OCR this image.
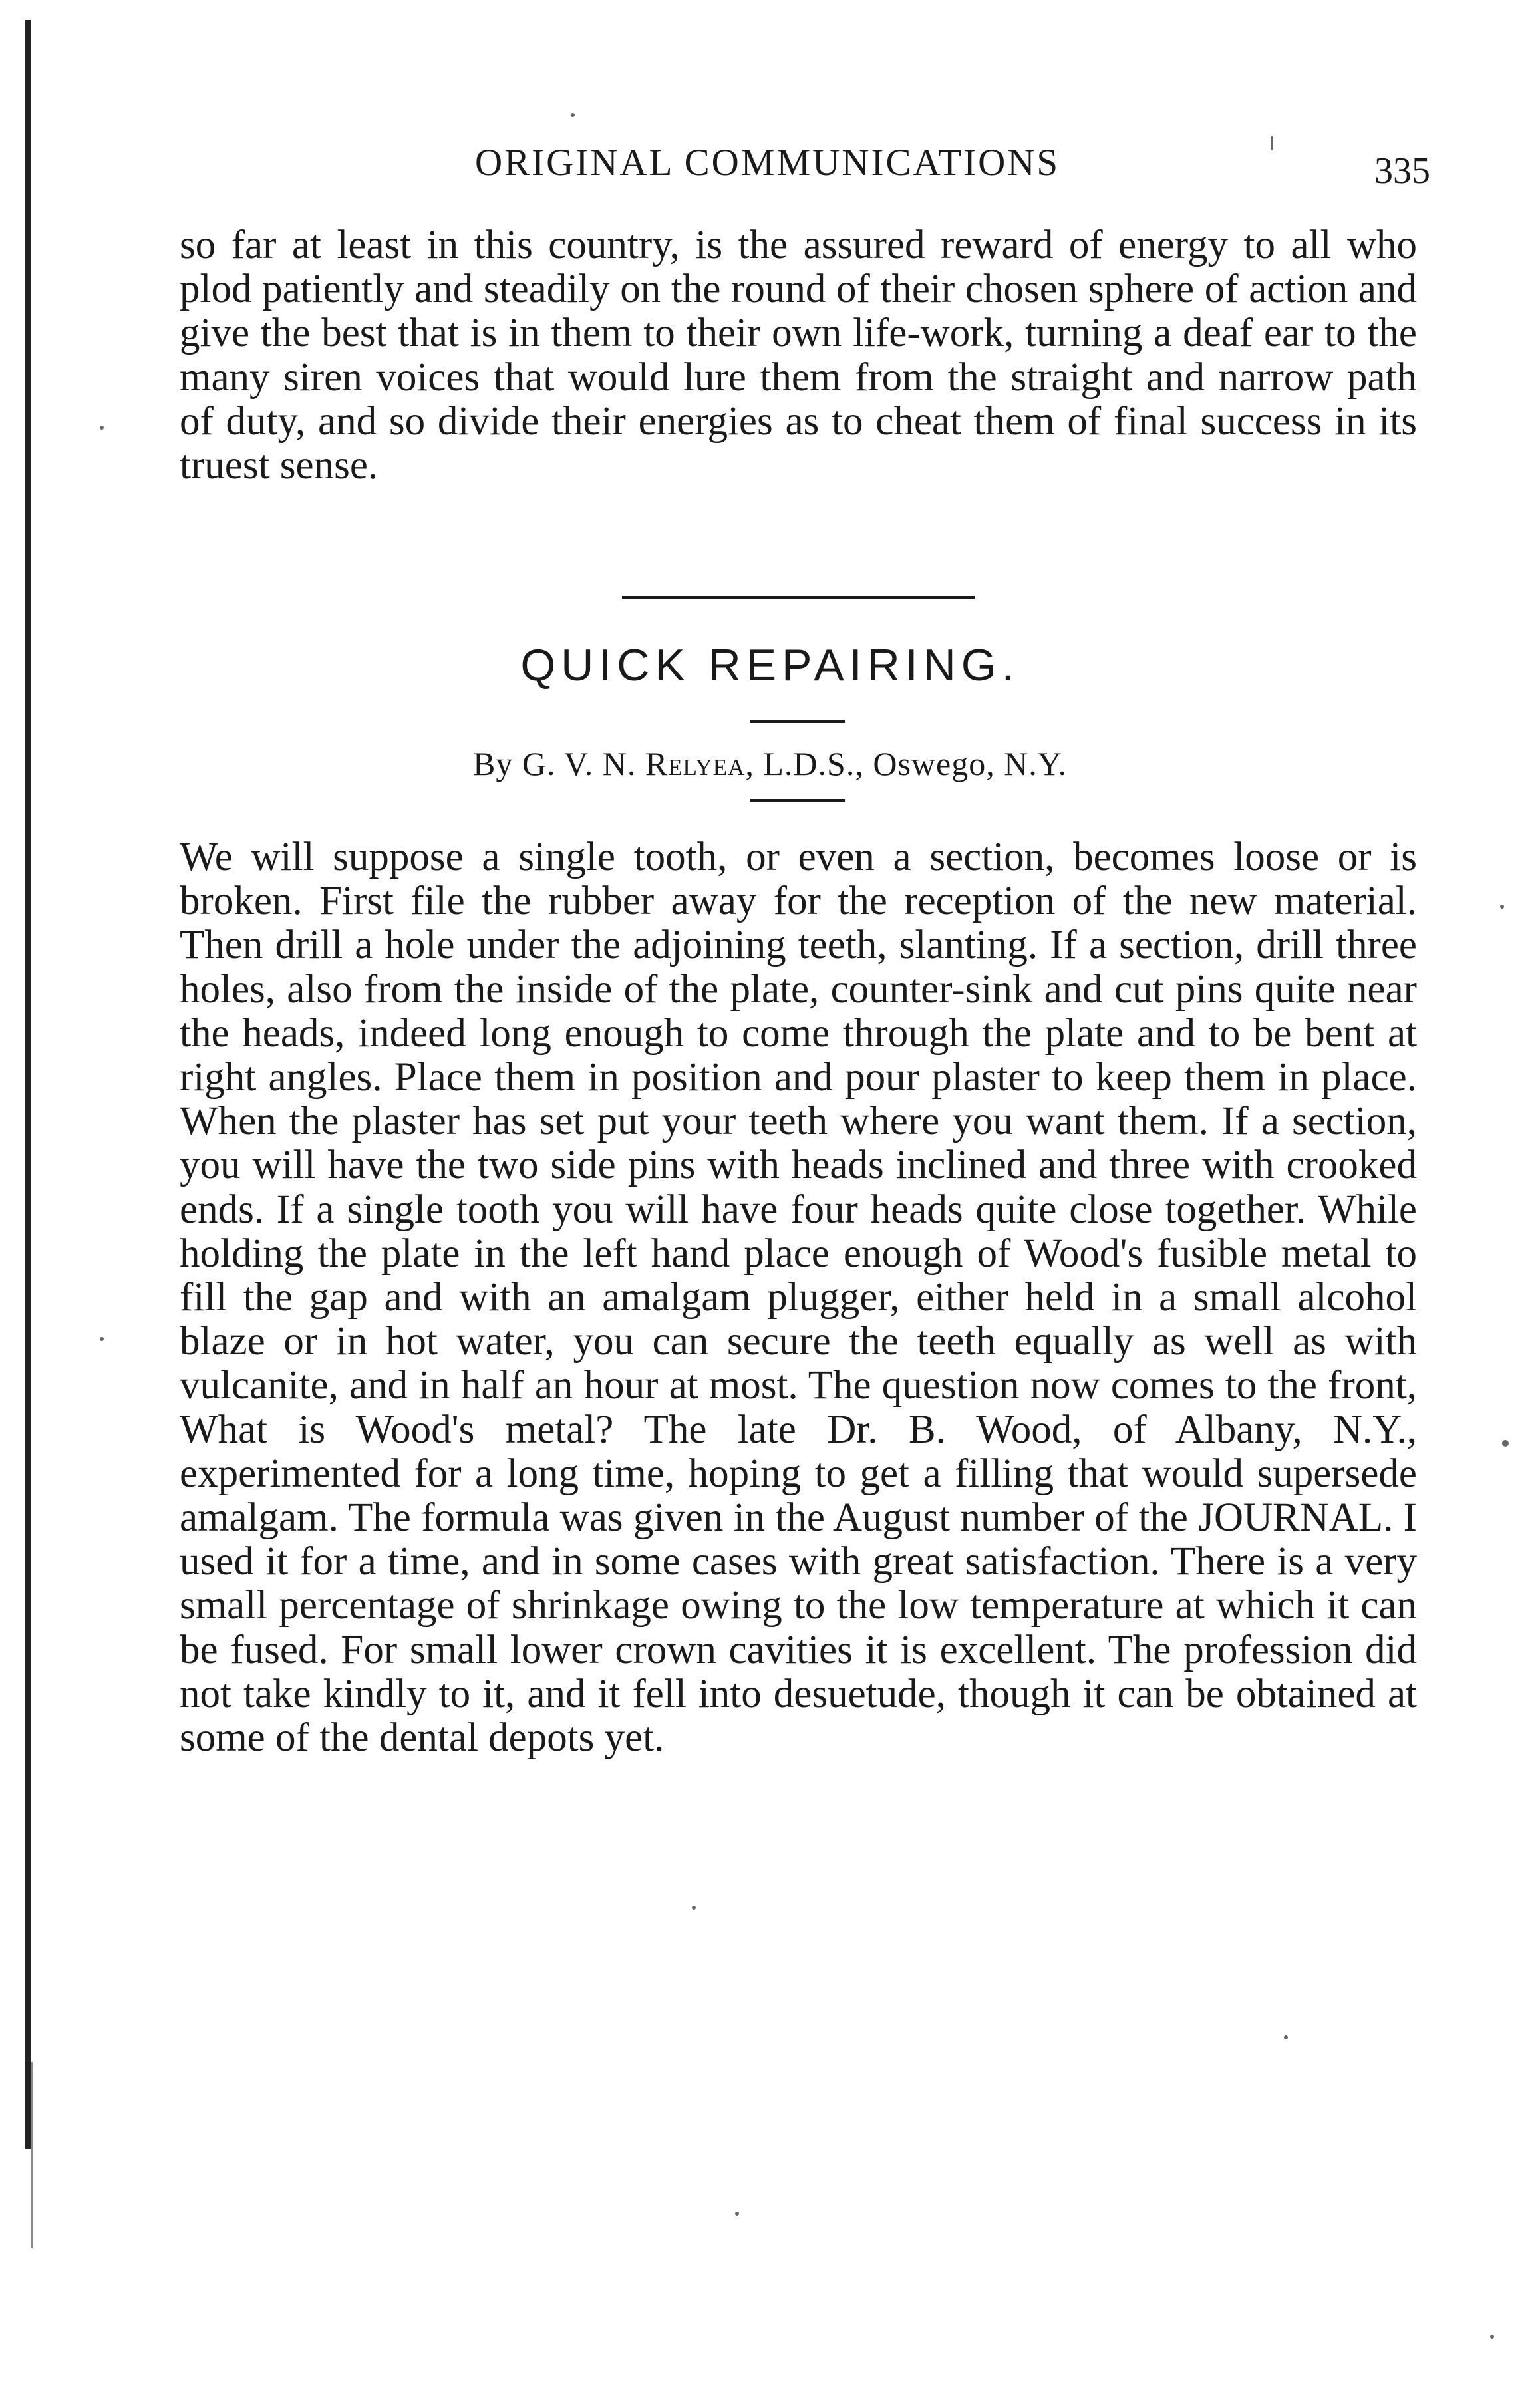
ORIGINAL COMMUNICATIONS	335

so far at least in this country, is the assured reward of energy to all who plod patiently and steadily on the round of their chosen sphere of action and give the best that is in them to their own life-work, turning a deaf ear to the many siren voices that would lure them from the straight and narrow path of duty, and so divide their energies as to cheat them of final success in its truest sense.

QUICK REPAIRING.
By G. V. N. Relyea, L.D.S., Oswego, N.Y.

We will suppose a single tooth, or even a section, becomes loose or is broken. First file the rubber away for the reception of the new material. Then drill a hole under the adjoining teeth, slanting. If a section, drill three holes, also from the inside of the plate, counter-sink and cut pins quite near the heads, indeed long enough to come through the plate and to be bent at right angles. Place them in position and pour plaster to keep them in place. When the plaster has set put your teeth where you want them. If a section, you will have the two side pins with heads inclined and three with crooked ends. If a single tooth you will have four heads quite close together. While holding the plate in the left hand place enough of Wood's fusible metal to fill the gap and with an amalgam plugger, either held in a small alcohol blaze or in hot water, you can secure the teeth equally as well as with vulcanite, and in half an hour at most. The question now comes to the front, What is Wood's metal? The late Dr. B. Wood, of Albany, N.Y., experimented for a long time, hoping to get a filling that would supersede amalgam. The formula was given in the August number of the JOURNAL. I used it for a time, and in some cases with great satisfaction. There is a very small percentage of shrinkage owing to the low temperature at which it can be fused. For small lower crown cavities it is excellent. The profession did not take kindly to it, and it fell into desuetude, though it can be obtained at some of the dental depots yet.
